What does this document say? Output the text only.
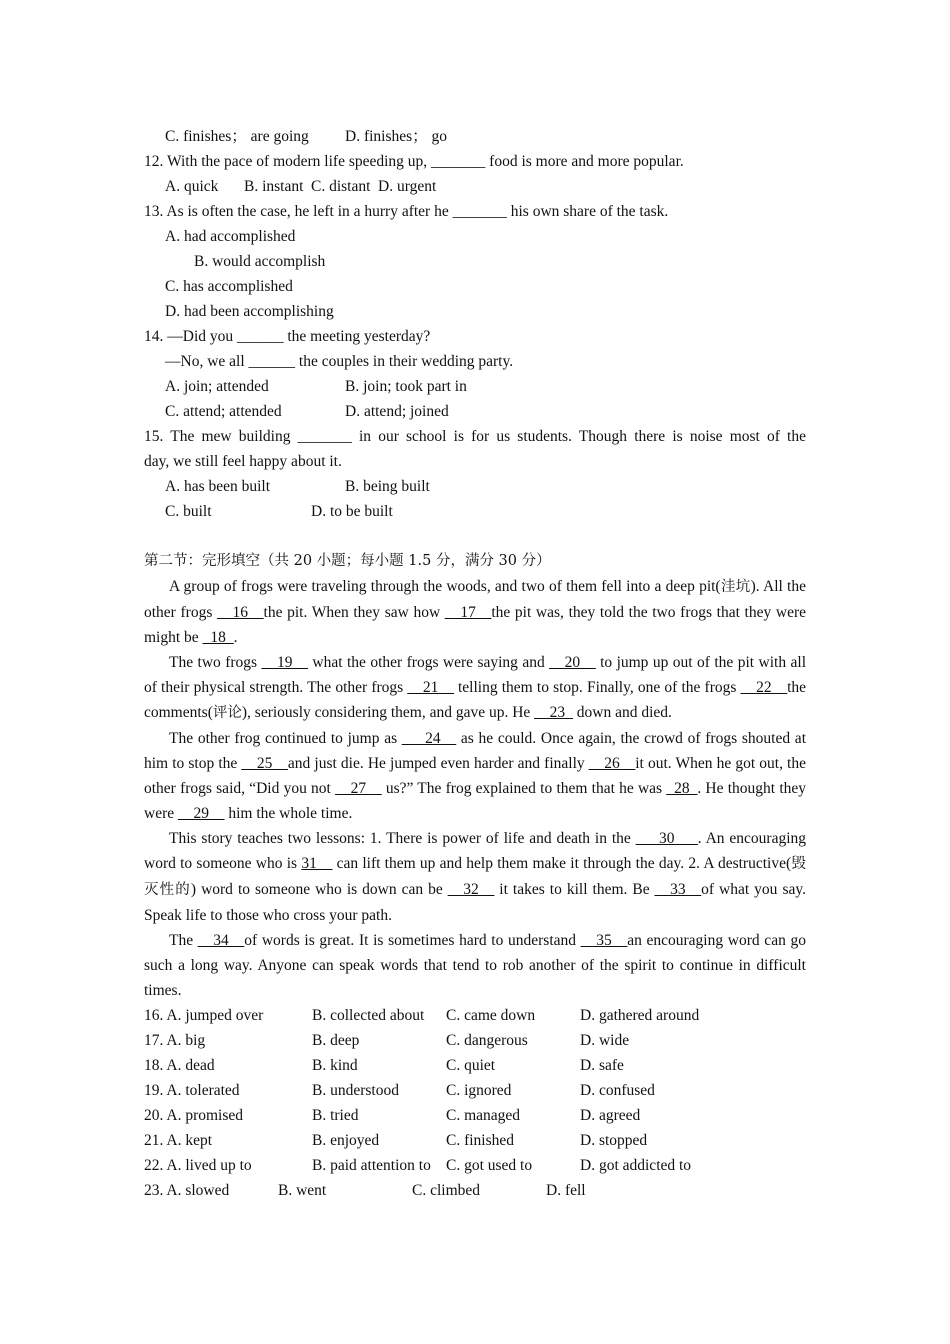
C. finishes； are going D. finishes； go
12. With the pace of modern life speeding up, _______ food is more and more popular.
A. quick B. instant C. distant D. urgent
13. As is often the case, he left in a hurry after he _______ his own share of the task.
A. had accomplished
B. would accomplish
C. has accomplished
D. had been accomplishing
14. —Did you ______ the meeting yesterday?
—No, we all ______ the couples in their wedding party.
A. join; attended	B. join; took part in
C. attend; attended	D. attend; joined
15. The mew building _______ in our school is for us students. Though there is noise most of the
day, we still feel happy about it.
A. has been built	B. being built
C. built	D. to be built
第二节：完形填空（共 20 小题；每小题 1.5 分，满分 30 分）
A group of frogs were traveling through the woods, and two of them fell into a deep pit(洼坑). All the other frogs __16__the pit. When they saw how __17__the pit was, they told the two frogs that they were might be _18_.
The two frogs __19__ what the other frogs were saying and __20__ to jump up out of the pit with all of their physical strength. The other frogs __21__ telling them to stop. Finally, one of the frogs __22__the comments(评论), seriously considering them, and gave up. He __23_ down and died.
The other frog continued to jump as ___24__ as he could. Once again, the crowd of frogs shouted at him to stop the __25__and just die. He jumped even harder and finally __26__it out. When he got out, the other frogs said, “Did you not __27__ us?” The frog explained to them that he was _28_. He thought they were __29__ him the whole time.
This story teaches two lessons: 1. There is power of life and death in the ___30___. An encouraging word to someone who is 31__ can lift them up and help them make it through the day. 2. A destructive(毁灭性的) word to someone who is down can be __32__ it takes to kill them. Be __33__of what you say. Speak life to those who cross your path.
The __34__of words is great. It is sometimes hard to understand __35__an encouraging word can go such a long way. Anyone can speak words that tend to rob another of the spirit to continue in difficult times.
16. A. jumped over	B. collected about C. came down	D. gathered around
17. A. big	B. deep	C. dangerous	D. wide
18. A. dead	B. kind	C. quiet	D. safe
19. A. tolerated	B. understood	C. ignored	D. confused
20. A. promised	B. tried	C. managed	D. agreed
21. A. kept	B. enjoyed	C. finished	D. stopped
22. A. lived up to	B. paid attention to C. got used to	D. got addicted to
23. A. slowed	B. went	C. climbed	D. fell
